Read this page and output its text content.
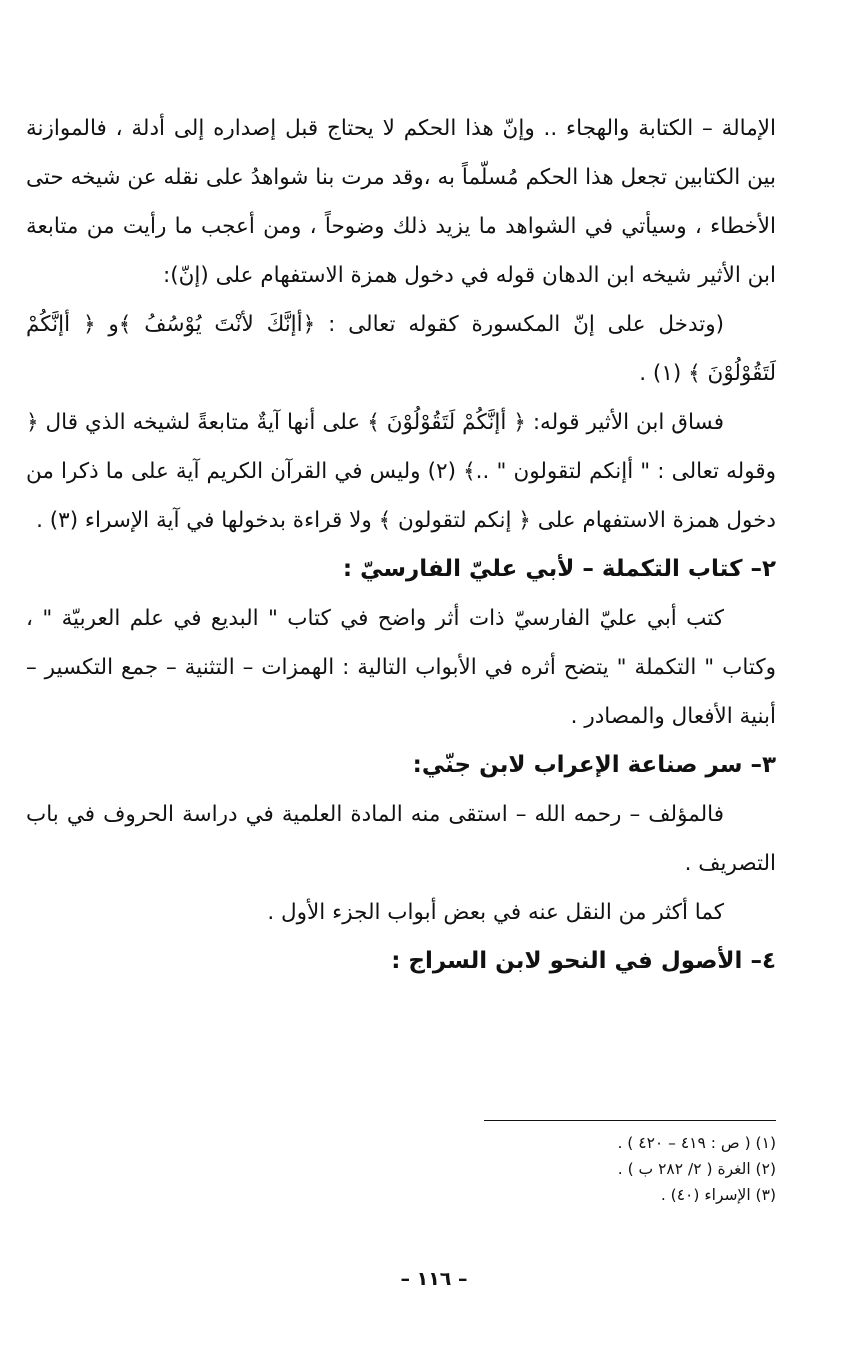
الإمالة – الكتابة والهجاء .. وإنّ هذا الحكم لا يحتاج قبل إصداره إلى أدلة ، فالموازنة بين الكتابين تجعل هذا الحكم مُسلّماً به ،وقد مرت بنا شواهدُ على نقله عن شيخه حتى الأخطاء ، وسيأتي في الشواهد ما يزيد ذلك وضوحاً ، ومن أعجب ما رأيت من متابعة ابن الأثير شيخه ابن الدهان قوله في دخول همزة الاستفهام على (إنّ):

(وتدخل على إنّ المكسورة كقوله تعالى : ﴿أإنَّكَ لأنْتَ يُوْسُفُ ﴾و ﴿ أإنَّكُمْ لَتَقُوْلُوْنَ ﴾ (١) .

فساق ابن الأثير قوله: ﴿ أإنَّكُمْ لَتَقُوْلُوْنَ ﴾ على أنها آيةٌ متابعةً لشيخه الذي قال ﴿ وقوله تعالى : " أإنكم لتقولون " ..﴾ (٢) وليس في القرآن الكريم آية على ما ذكرا من دخول همزة الاستفهام على ﴿ إنكم لتقولون ﴾ ولا قراءة بدخولها في آية الإسراء (٣) .

٢– كتاب التكملة – لأبي عليّ الفارسيّ :

كتب أبي عليّ الفارسيّ ذات أثر واضح في كتاب " البديع في علم العربيّة " ، وكتاب " التكملة " يتضح أثره في الأبواب التالية : الهمزات – التثنية – جمع التكسير – أبنية الأفعال والمصادر .

٣– سر صناعة الإعراب لابن جنّي:

فالمؤلف – رحمه الله – استقى منه المادة العلمية في دراسة الحروف في باب التصريف .

كما أكثر من النقل عنه في بعض أبواب الجزء الأول .

٤– الأصول في النحو لابن السراج :

(١) ( ص : ٤١٩ – ٤٢٠ ) .

(٢) الغرة ( ٢/ ٢٨٢ ب ) .

(٣) الإسراء (٤٠) .

– ١١٦ –
